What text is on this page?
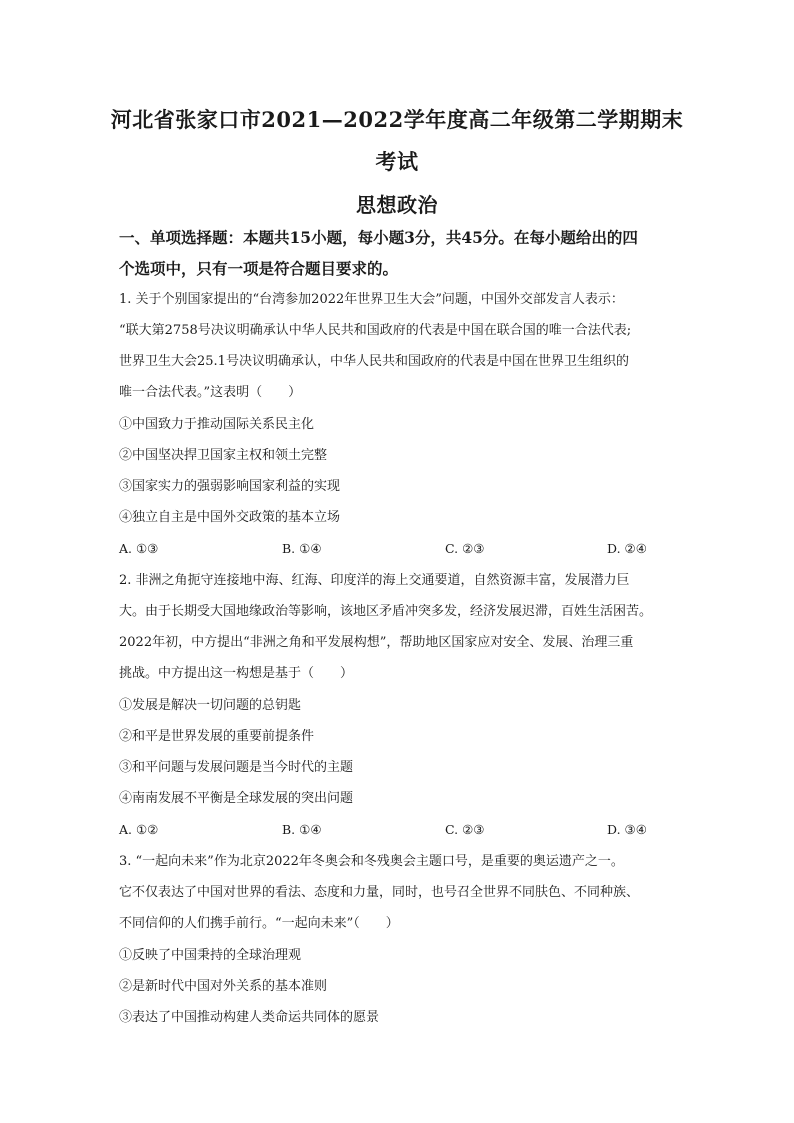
河北省张家口市2021—2022学年度高二年级第二学期期末
考试
思想政治
一、单项选择题：本题共15小题，每小题3分，共45分。在每小题给出的四
个选项中，只有一项是符合题目要求的。
1. 关于个别国家提出的“台湾参加2022年世界卫生大会”问题，中国外交部发言人表示：
“联大第2758号决议明确承认中华人民共和国政府的代表是中国在联合国的唯一合法代表;
世界卫生大会25.1号决议明确承认，中华人民共和国政府的代表是中国在世界卫生组织的
唯一合法代表。”这表明（　　）
①中国致力于推动国际关系民主化
②中国坚决捍卫国家主权和领土完整
③国家实力的强弱影响国家利益的实现
④独立自主是中国外交政策的基本立场
A. ①③	B. ①④	C. ②③	D. ②④
2. 非洲之角扼守连接地中海、红海、印度洋的海上交通要道，自然资源丰富，发展潜力巨
大。由于长期受大国地缘政治等影响，该地区矛盾冲突多发，经济发展迟滞，百姓生活困苦。
2022年初，中方提出“非洲之角和平发展构想”，帮助地区国家应对安全、发展、治理三重
挑战。中方提出这一构想是基于（　　）
①发展是解决一切问题的总钥匙
②和平是世界发展的重要前提条件
③和平问题与发展问题是当今时代的主题
④南南发展不平衡是全球发展的突出问题
A. ①②	B. ①④	C. ②③	D. ③④
3. “一起向未来”作为北京2022年冬奥会和冬残奥会主题口号，是重要的奥运遗产之一。
它不仅表达了中国对世界的看法、态度和力量，同时，也号召全世界不同肤色、不同种族、
不同信仰的人们携手前行。“一起向未来”（　　）
①反映了中国秉持的全球治理观
②是新时代中国对外关系的基本准则
③表达了中国推动构建人类命运共同体的愿景
